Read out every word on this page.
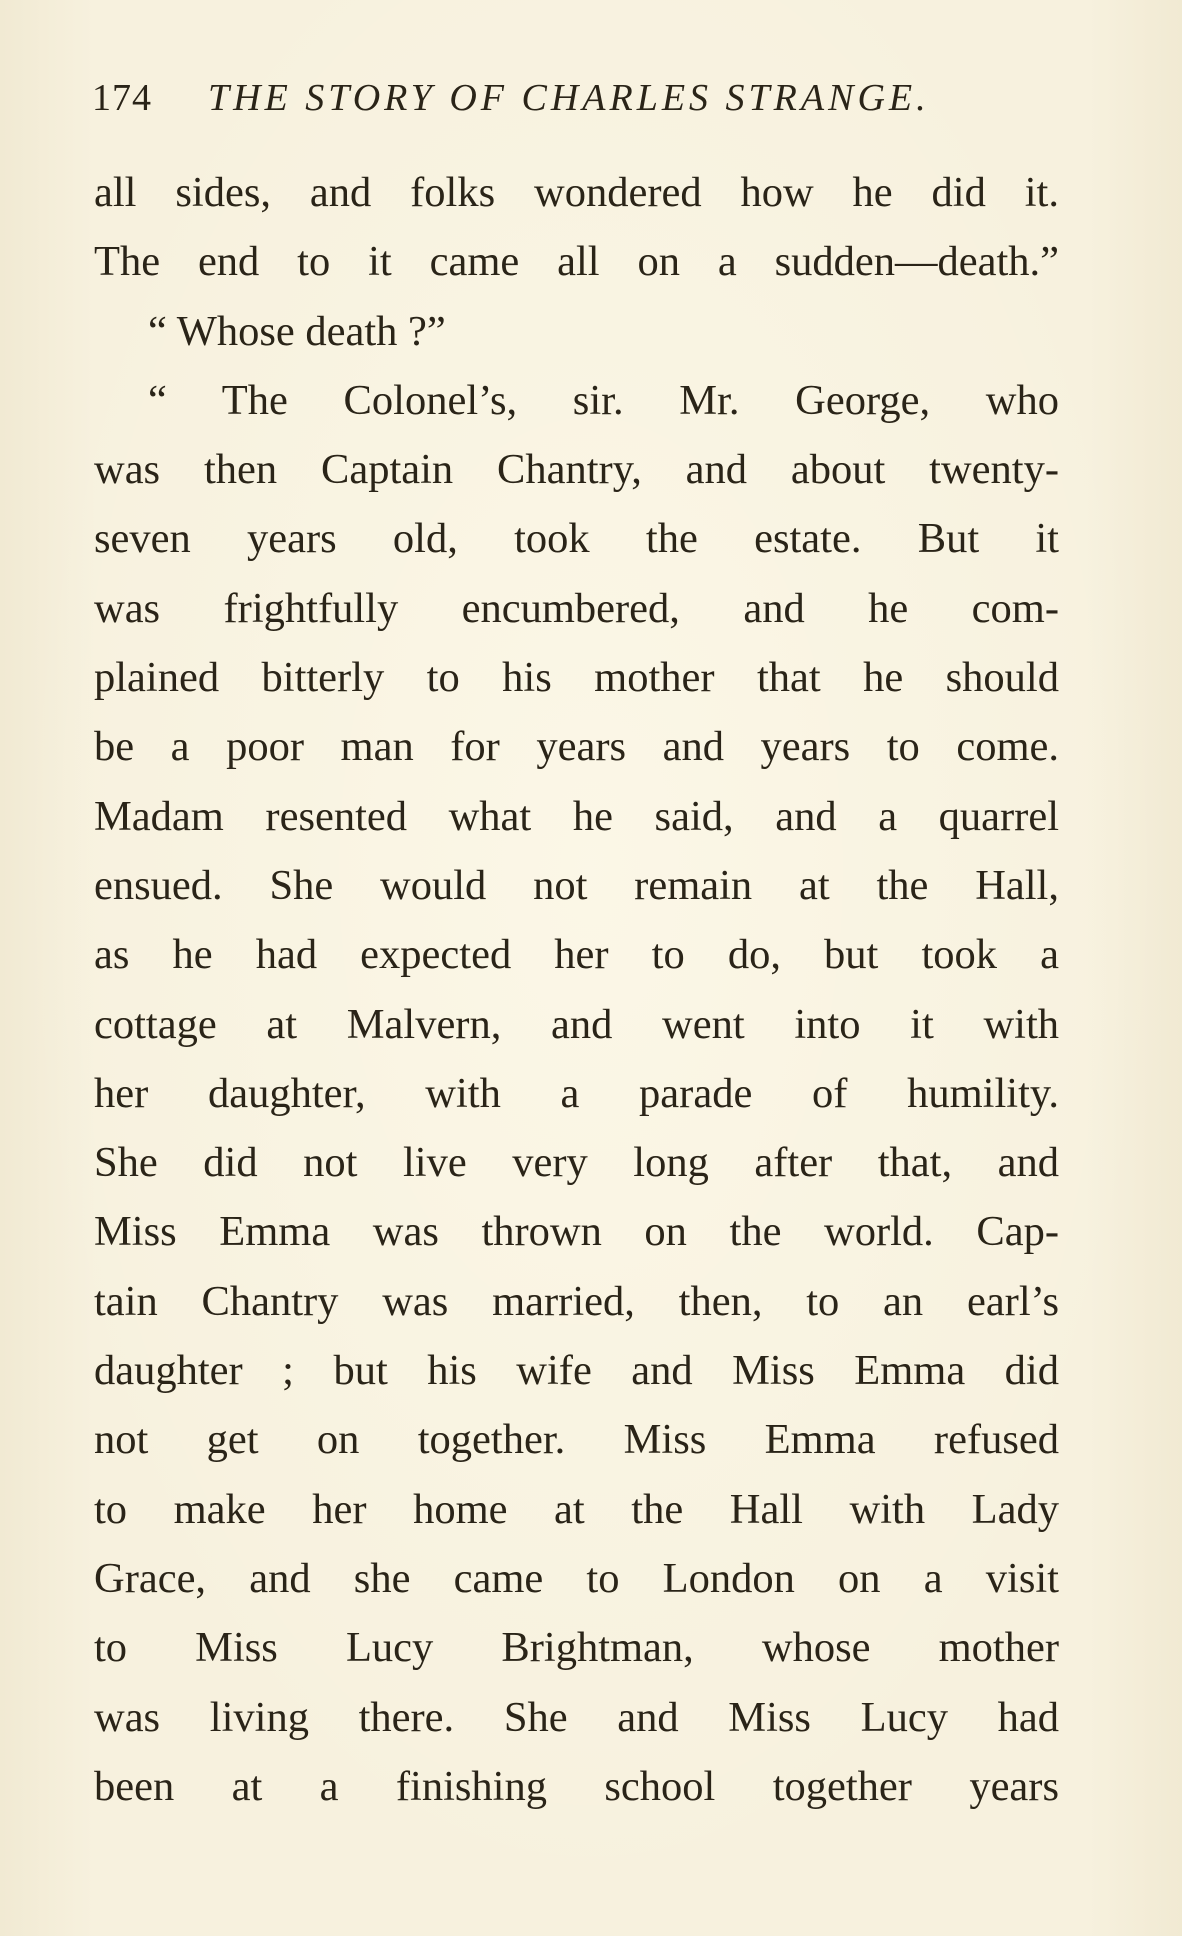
174 THE STORY OF CHARLES STRANGE.
all sides, and folks wondered how he did it.
The end to it came all on a sudden—death.”
“ Whose death ?”
“ The Colonel’s, sir. Mr. George, who
was then Captain Chantry, and about twenty-
seven years old, took the estate. But it
was frightfully encumbered, and he com-
plained bitterly to his mother that he should
be a poor man for years and years to come.
Madam resented what he said, and a quarrel
ensued. She would not remain at the Hall,
as he had expected her to do, but took a
cottage at Malvern, and went into it with
her daughter, with a parade of humility.
She did not live very long after that, and
Miss Emma was thrown on the world. Cap-
tain Chantry was married, then, to an earl’s
daughter ; but his wife and Miss Emma did
not get on together. Miss Emma refused
to make her home at the Hall with Lady
Grace, and she came to London on a visit
to Miss Lucy Brightman, whose mother
was living there. She and Miss Lucy had
been at a finishing school together years
